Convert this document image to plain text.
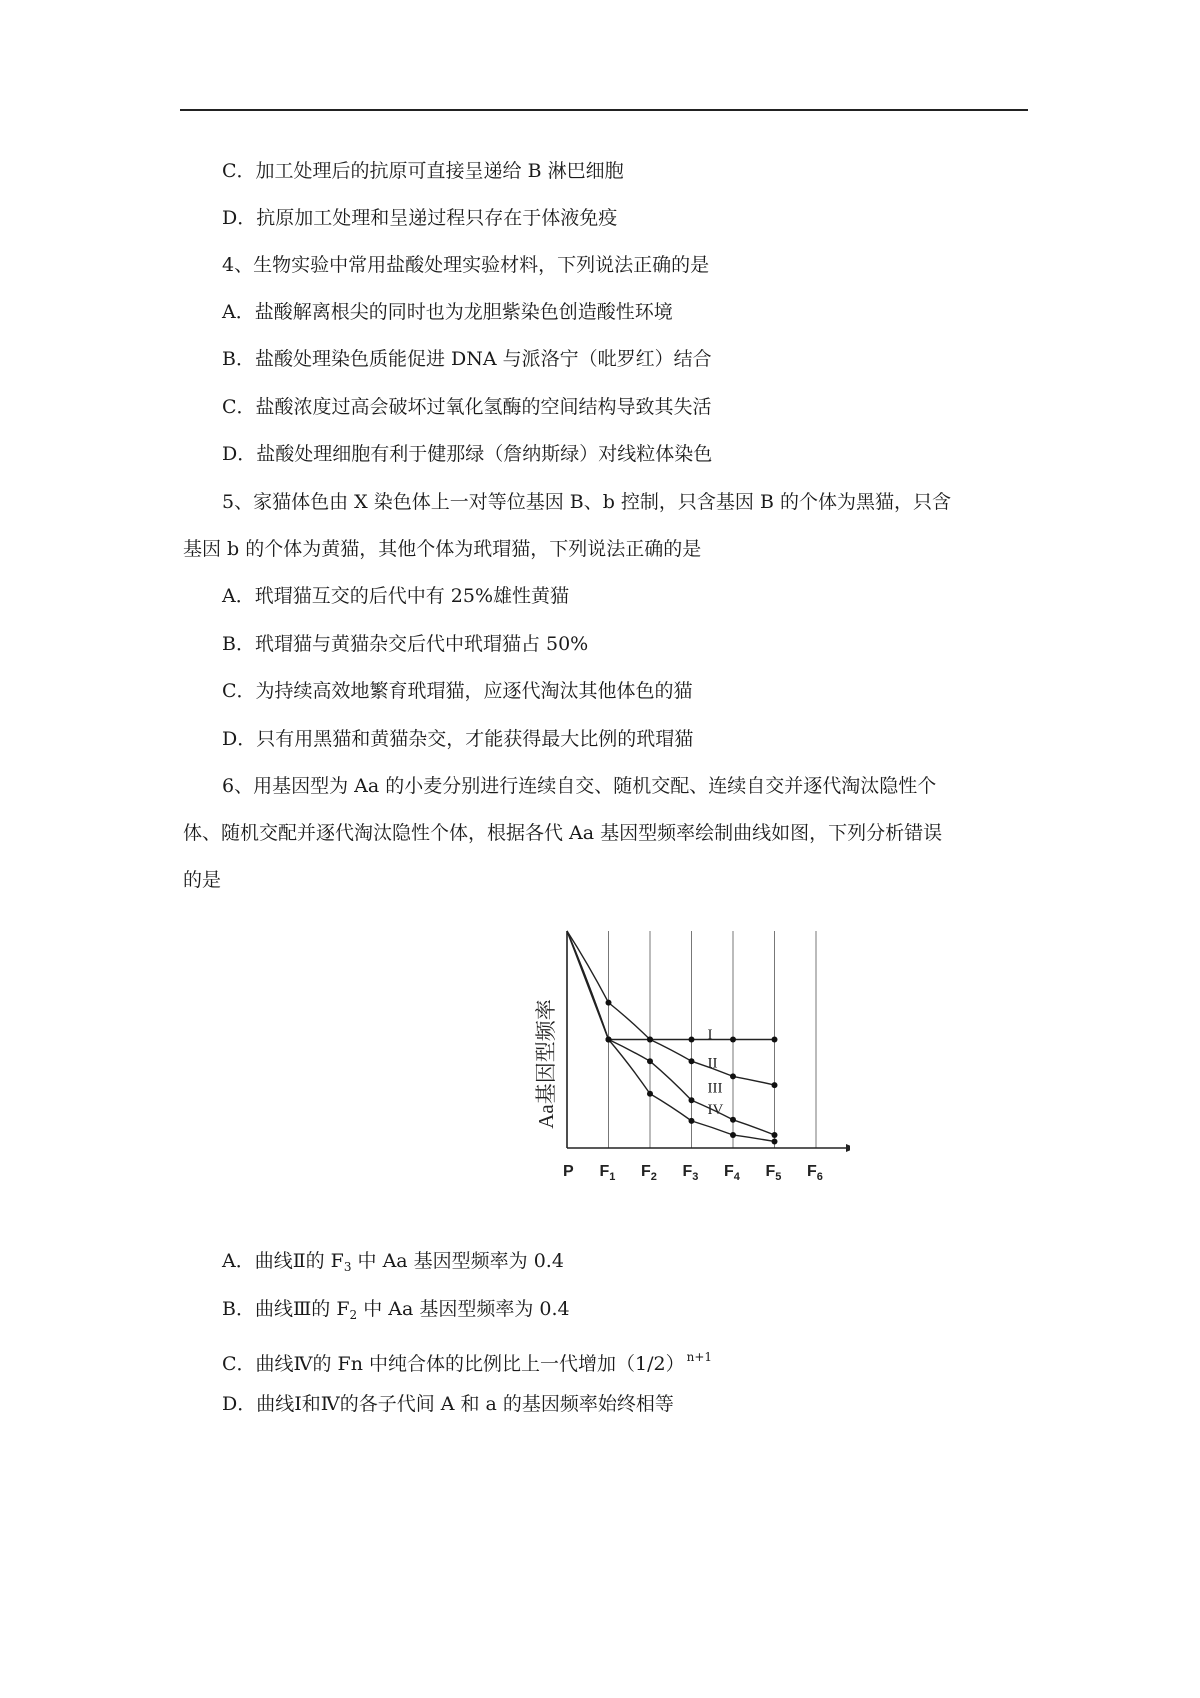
C．加工处理后的抗原可直接呈递给 B 淋巴细胞
D．抗原加工处理和呈递过程只存在于体液免疫
4、生物实验中常用盐酸处理实验材料，下列说法正确的是
A．盐酸解离根尖的同时也为龙胆紫染色创造酸性环境
B．盐酸处理染色质能促进 DNA 与派洛宁（吡罗红）结合
C．盐酸浓度过高会破坏过氧化氢酶的空间结构导致其失活
D．盐酸处理细胞有利于健那绿（詹纳斯绿）对线粒体染色
5、家猫体色由 X 染色体上一对等位基因 B、b 控制，只含基因 B 的个体为黑猫，只含
基因 b 的个体为黄猫，其他个体为玳瑁猫，下列说法正确的是
A．玳瑁猫互交的后代中有 25%雄性黄猫
B．玳瑁猫与黄猫杂交后代中玳瑁猫占 50%
C．为持续高效地繁育玳瑁猫，应逐代淘汰其他体色的猫
D．只有用黑猫和黄猫杂交，才能获得最大比例的玳瑁猫
6、用基因型为 Aa 的小麦分别进行连续自交、随机交配、连续自交并逐代淘汰隐性个
体、随机交配并逐代淘汰隐性个体，根据各代 Aa 基因型频率绘制曲线如图，下列分析错误
的是
P $F_1$ $F_2$ $F_3$ $F_4$ $F_5$ $F_6$
I
II
III
IV
Aa基因型频率
A．曲线Ⅱ的 $F_3$ 中 Aa 基因型频率为 0.4
B．曲线Ⅲ的 $F_2$ 中 Aa 基因型频率为 0.4
C．曲线Ⅳ的 Fn 中纯合体的比例比上一代增加（1/2） $^{n+1}$
D．曲线Ⅰ和Ⅳ的各子代间 A 和 a 的基因频率始终相等
